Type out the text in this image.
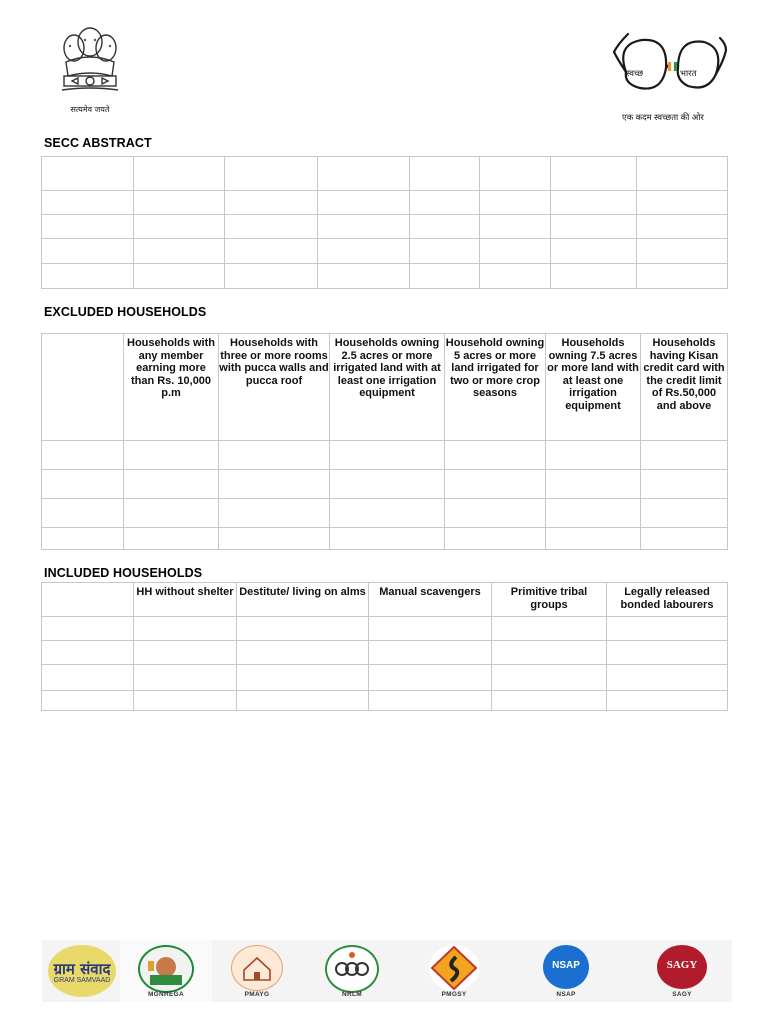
सत्यमेव जयते
स्वच्छ	भारत
एक कदम स्वच्छता की ओर
SECC ABSTRACT

EXCLUDED HOUSEHOLDS
	Households with any member earning more than Rs. 10,000 p.m	Households with three or more rooms with pucca walls and pucca roof	Households owning 2.5 acres or more irrigated land with at least one irrigation equipment	Household owning 5 acres or more land irrigated for two or more crop seasons	Households owning 7.5 acres or more land with at least one irrigation equipment	Households having Kisan credit card with the credit limit of Rs.50,000 and above

INCLUDED HOUSEHOLDS
	HH without shelter	Destitute/ living on alms	Manual scavengers	Primitive tribal groups	Legally released bonded labourers

ग्राम संवाद
GRAM SAMVAAD
MGNREGA	PMAYG	NRLM	PMGSY
NSAP
NSAP
SAGY
SAGY
